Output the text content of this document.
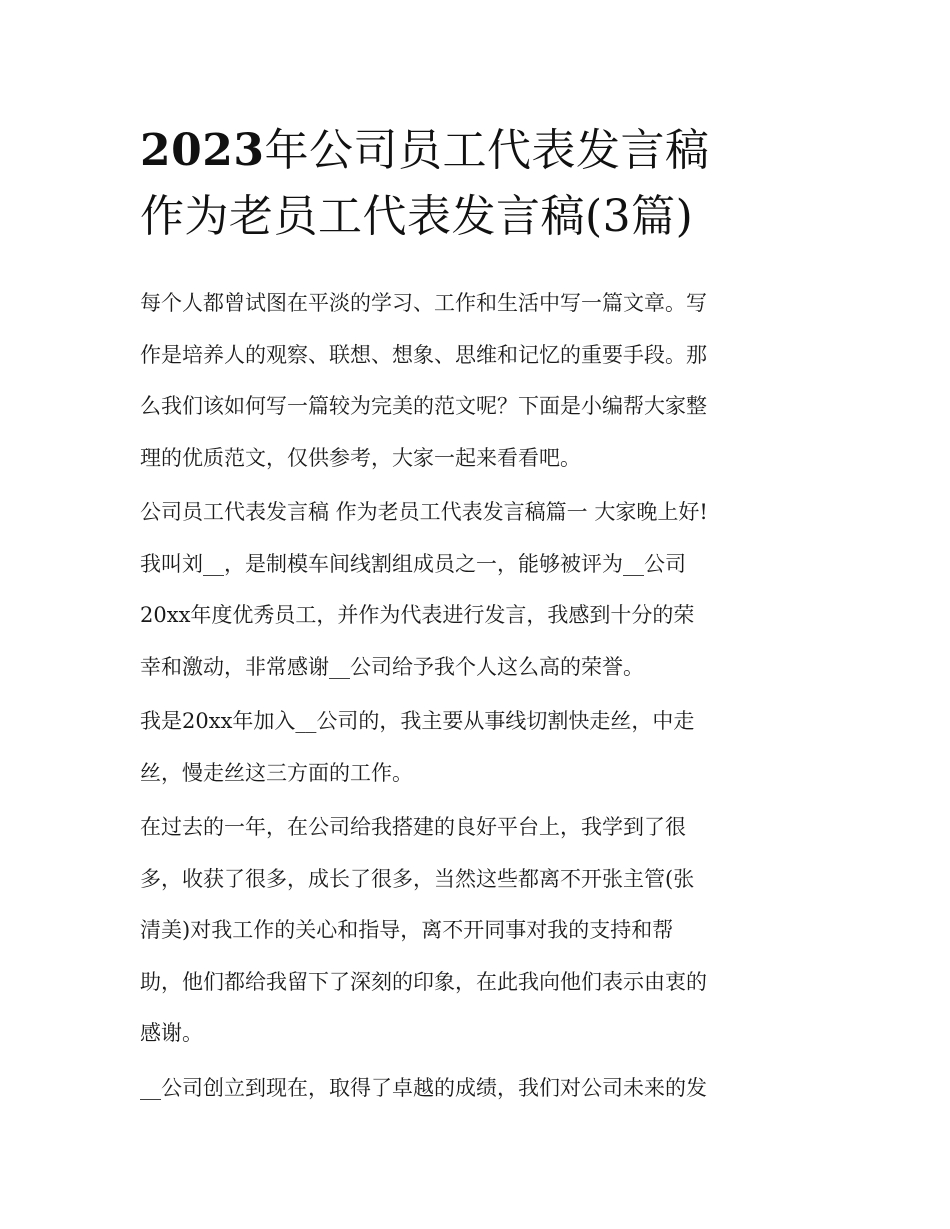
2023年公司员工代表发言稿
作为老员工代表发言稿(3篇)

每个人都曾试图在平淡的学习、工作和生活中写一篇文章。写
作是培养人的观察、联想、想象、思维和记忆的重要手段。那
么我们该如何写一篇较为完美的范文呢？下面是小编帮大家整
理的优质范文，仅供参考，大家一起来看看吧。

公司员工代表发言稿 作为老员工代表发言稿篇一 大家晚上好!
我叫刘__，是制模车间线割组成员之一，能够被评为__公司
20xx年度优秀员工，并作为代表进行发言，我感到十分的荣
幸和激动，非常感谢__公司给予我个人这么高的荣誉。

我是20xx年加入__公司的，我主要从事线切割快走丝，中走
丝，慢走丝这三方面的工作。

在过去的一年，在公司给我搭建的良好平台上，我学到了很
多，收获了很多，成长了很多，当然这些都离不开张主管(张
清美)对我工作的关心和指导，离不开同事对我的支持和帮
助，他们都给我留下了深刻的印象，在此我向他们表示由衷的
感谢。

__公司创立到现在，取得了卓越的成绩，我们对公司未来的发
